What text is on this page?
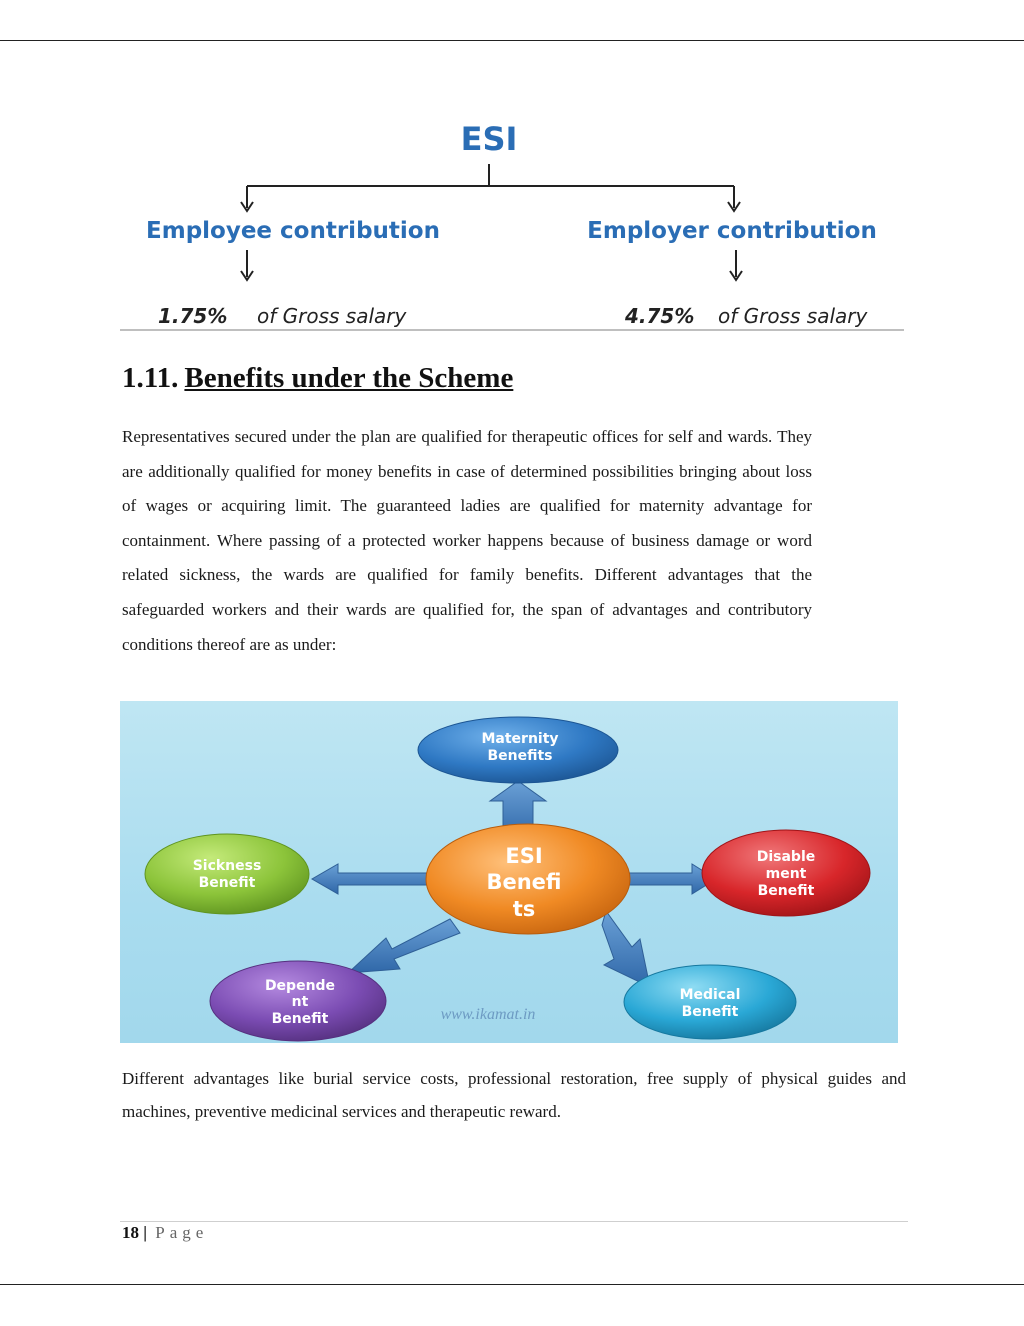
ESI
Employee contribution	Employer contribution
1.75% of Gross salary	4.75% of Gross salary
1.11. Benefits under the Scheme

Representatives secured under the plan are qualified for therapeutic offices for self and wards. They are additionally qualified for money benefits in case of determined possibilities bringing about loss of wages or acquiring limit. The guaranteed ladies are qualified for maternity advantage for containment. Where passing of a protected worker happens because of business damage or word related sickness, the wards are qualified for family benefits. Different advantages that the safeguarded workers and their wards are qualified for, the span of advantages and contributory conditions thereof are as under:

Maternity
Benefits
Sickness
Benefit
ESI
Benefi
ts
Disable
ment
Benefit
Depende
nt
Benefit	www.ikamat.in
Medical
Benefit

Different advantages like burial service costs, professional restoration, free supply of physical guides and machines, preventive medicinal services and therapeutic reward.

18 | Page
